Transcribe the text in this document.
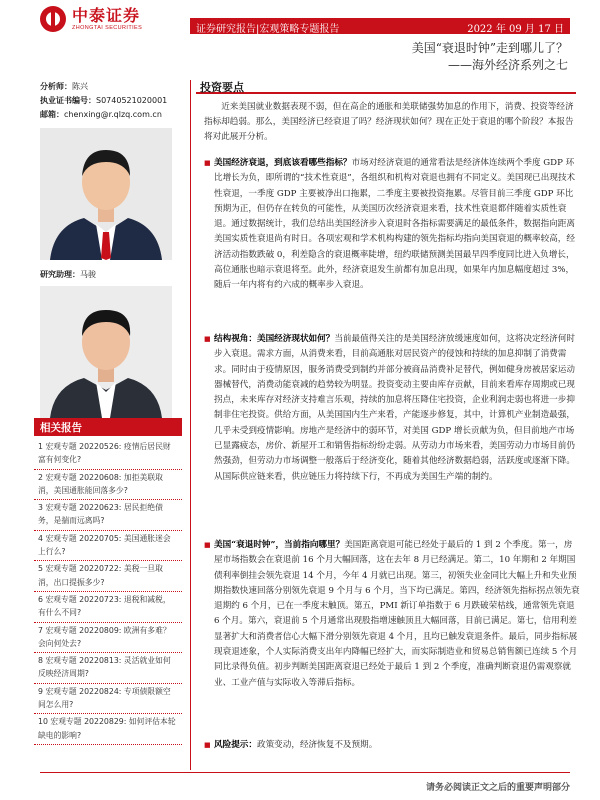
中泰证券
ZHONGTAI SECURITIES	证券研究报告|宏观策略专题报告	2022 年 09 月 17 日
美国“衰退时钟”走到哪儿了？
——海外经济系列之七
分析师：陈兴
执业证书编号：S0740521020001
邮箱：chenxing@r.qlzq.com.cn
研究助理：马骏
相关报告
1 宏观专题 20220526: 疫情后居民财富有何变化?
2 宏观专题 20220608: 加拒美联取消，美国通胀能回落多少?
3 宏观专题 20220623: 居民拒绝债务，是揣而远离吗?
4 宏观专题 20220705: 美国通胀迷会上行么?
5 宏观专题 20220722: 美税一旦取消，出口提振多少?
6 宏观专题 20220723: 退税和减税，有什么不同?
7 宏观专题 20220809: 欧洲有多难？会向何处去?
8 宏观专题 20220813: 灵活就业如何反映经济周期?
9 宏观专题 20220824: 专项债限额空间怎么用?
10 宏观专题 20220829: 如何评估本轮缺电的影响?
投资要点
近来美国就业数据表现不弱，但在高企的通胀和美联储强势加息的作用下，消费、投资等经济指标却趋弱。那么，美国经济已经衰退了吗？经济现状如何？现在正处于衰退的哪个阶段？本报告将对此展开分析。
■ 美国经济衰退，到底该看哪些指标？市场对经济衰退的通常看法是经济体连续两个季度 GDP 环比增长为负，即所谓的“技术性衰退”，各组织和机构对衰退也拥有不同定义。美国现已出现技术性衰退，一季度 GDP 主要被净出口拖累，二季度主要被投资拖累。尽管目前三季度 GDP 环比预期为正，但仍存在转负的可能性，从美国历次经济衰退来看，技术性衰退都伴随着实质性衰退。通过数据统计，我们总结出美国经济步入衰退时各指标需要满足的最低条件，数据指向距离美国实质性衰退尚有时日。各项宏观和学术机构构建的领先指标均指向美国衰退的概率较高，经济活动指数跌破 0，利差隐含的衰退概率陡增，纽约联储预测美国最早四季度同比进入负增长，高位通胀也暗示衰退将至。此外，经济衰退发生前都有加息出现，如果年内加息幅度超过 3%，随后一年内将有约六成的概率步入衰退。
■ 结构视角：美国经济现状如何？当前最值得关注的是美国经济放缓速度如何，这将决定经济何时步入衰退。需求方面，从消费来看，目前高通胀对居民资产的侵蚀和持续的加息抑制了消费需求。同时由于疫情原因，服务消费受到制约并部分被商品消费补足替代，例如健身房被居家运动器械替代，消费动能衰减的趋势较为明显。投资变动主要由库存贡献，目前来看库存周期或已现拐点，未来库存对经济支持难言乐观，持续的加息将压降住宅投资，企业利润走弱也将进一步抑制非住宅投资。供给方面，从美国国内生产来看，产能逐步修复，其中，计算机产业制造最强，几乎未受到疫情影响。房地产是经济中的弱环节，对美国 GDP 增长贡献为负，但目前地产市场已显露疲态，房价、新屋开工和销售指标纷纷走弱。从劳动力市场来看，美国劳动力市场目前仍然强劲，但劳动力市场调整一般落后于经济变化，随着其他经济数据趋弱，活跃度或逐渐下降。从国际供应链来看，供应链压力将持续下行，不再成为美国生产端的制约。
■ 美国“衰退时钟”，当前指向哪里？美国距离衰退可能已经处于最后的 1 到 2 个季度。第一，房屋市场指数会在衰退前 16 个月大幅回落，这在去年 8 月已经满足。第二，10 年期和 2 年期国债利率倒挂会领先衰退 14 个月，今年 4 月就已出现。第三，初领失业金同比大幅上升和失业预期指数快速回落分别领先衰退 9 个月与 6 个月，当下均已满足。第四，经济领先指标拐点领先衰退期约 6 个月，已在一季度末触顶。第五，PMI 新订单指数于 6 月跌破荣枯线，通常领先衰退 6 个月。第六，衰退前 5 个月通常出现股指增速触顶且大幅回落，目前已满足。第七，信用利差显著扩大和消费者信心大幅下滑分别领先衰退 4 个月，且均已触发衰退条件。最后，同步指标展现衰退迹象，个人实际消费支出年内降幅已经扩大，而实际制造业和贸易总销售额已连续 5 个月同比录得负值。初步判断美国距离衰退已经处于最后 1 到 2 个季度，准确判断衰退仍需观察就业、工业产值与实际收入等滞后指标。
■ 风险提示：政策变动，经济恢复不及预期。
请务必阅读正文之后的重要声明部分
